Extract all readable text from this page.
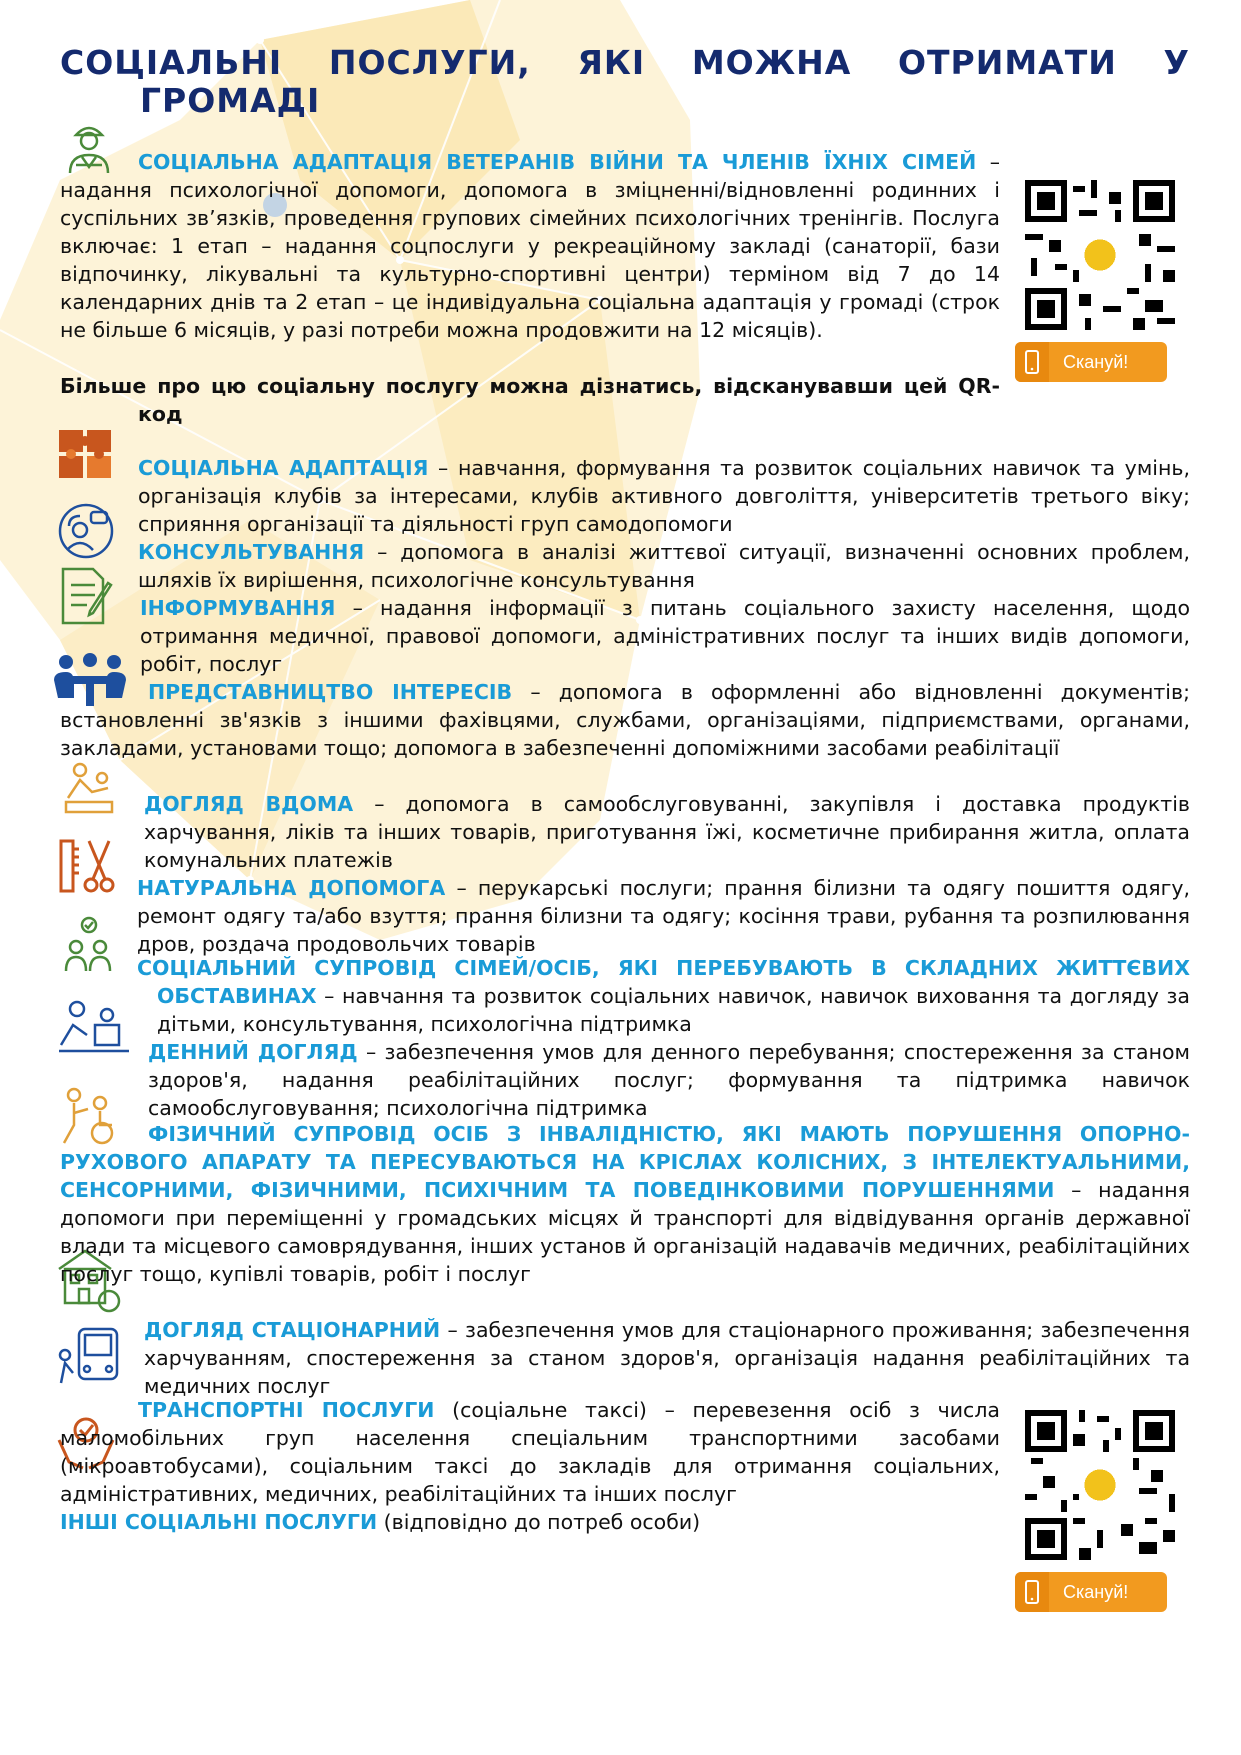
СОЦІАЛЬНІ ПОСЛУГИ, ЯКІ МОЖНА ОТРИМАТИ У
ГРОМАДІ
Скануй!
Скануй!
СОЦІАЛЬНА АДАПТАЦІЯ ВЕТЕРАНІВ ВІЙНИ ТА ЧЛЕНІВ ЇХНІХ СІМЕЙ – надання психологічної допомоги, допомога в зміцненні/відновленні родинних і суспільних зв’язків, проведення групових сімейних психологічних тренінгів. Послуга включає: 1 етап – надання соцпослуги у рекреаційному закладі (санаторії, бази відпочинку, лікувальні та культурно-спортивні центри) терміном від 7 до 14 календарних днів та 2 етап – це індивідуальна соціальна адаптація у громаді (строк не більше 6 місяців, у разі потреби можна продовжити на 12 місяців).
Більше про цю соціальну послугу можна дізнатись, відсканувавши цей QR-код
СОЦІАЛЬНА АДАПТАЦІЯ – навчання, формування та розвиток соціальних навичок та умінь, організація клубів за інтересами, клубів активного довголіття, університетів третього віку; сприяння організації та діяльності груп самодопомоги
КОНСУЛЬТУВАННЯ – допомога в аналізі життєвої ситуації, визначенні основних проблем, шляхів їх вирішення, психологічне консультування
ІНФОРМУВАННЯ – надання інформації з питань соціального захисту населення, щодо отримання медичної, правової допомоги, адміністративних послуг та інших видів допомоги, робіт, послуг
ПРЕДСТАВНИЦТВО ІНТЕРЕСІВ – допомога в оформленні або відновленні документів; встановленні зв'язків з іншими фахівцями, службами, організаціями, підприємствами, органами, закладами, установами тощо; допомога в забезпеченні допоміжними засобами реабілітації
ДОГЛЯД ВДОМА – допомога в самообслуговуванні, закупівля і доставка продуктів харчування, ліків та інших товарів, приготування їжі, косметичне прибирання житла, оплата комунальних платежів
НАТУРАЛЬНА ДОПОМОГА – перукарські послуги; прання білизни та одягу пошиття одягу, ремонт одягу та/або взуття; прання білизни та одягу; косіння трави, рубання та розпилювання дров, роздача продовольчих товарів
СОЦІАЛЬНИЙ СУПРОВІД СІМЕЙ/ОСІБ, ЯКІ ПЕРЕБУВАЮТЬ В СКЛАДНИХ ЖИТТЄВИХ ОБСТАВИНАХ – навчання та розвиток соціальних навичок, навичок виховання та догляду за дітьми, консультування, психологічна підтримка
ДЕННИЙ ДОГЛЯД – забезпечення умов для денного перебування; спостереження за станом здоров'я, надання реабілітаційних послуг; формування та підтримка навичок самообслуговування; психологічна підтримка
ФІЗИЧНИЙ СУПРОВІД ОСІБ З ІНВАЛІДНІСТЮ, ЯКІ МАЮТЬ ПОРУШЕННЯ ОПОРНО-РУХОВОГО АПАРАТУ ТА ПЕРЕСУВАЮТЬСЯ НА КРІСЛАХ КОЛІСНИХ, З ІНТЕЛЕКТУАЛЬНИМИ, СЕНСОРНИМИ, ФІЗИЧНИМИ, ПСИХІЧНИМ ТА ПОВЕДІНКОВИМИ ПОРУШЕННЯМИ – надання допомоги при переміщенні у громадських місцях й транспорті для відвідування органів державної влади та місцевого самоврядування, інших установ й організацій надавачів медичних, реабілітаційних послуг тощо, купівлі товарів, робіт і послуг
ДОГЛЯД СТАЦІОНАРНИЙ – забезпечення умов для стаціонарного проживання; забезпечення харчуванням, спостереження за станом здоров'я, організація надання реабілітаційних та медичних послуг
ТРАНСПОРТНІ ПОСЛУГИ (соціальне таксі) – перевезення осіб з числа маломобільних груп населення спеціальним транспортними засобами (мікроавтобусами), соціальним таксі до закладів для отримання соціальних, адміністративних, медичних, реабілітаційних та інших послуг
ІНШІ СОЦІАЛЬНІ ПОСЛУГИ (відповідно до потреб особи)
